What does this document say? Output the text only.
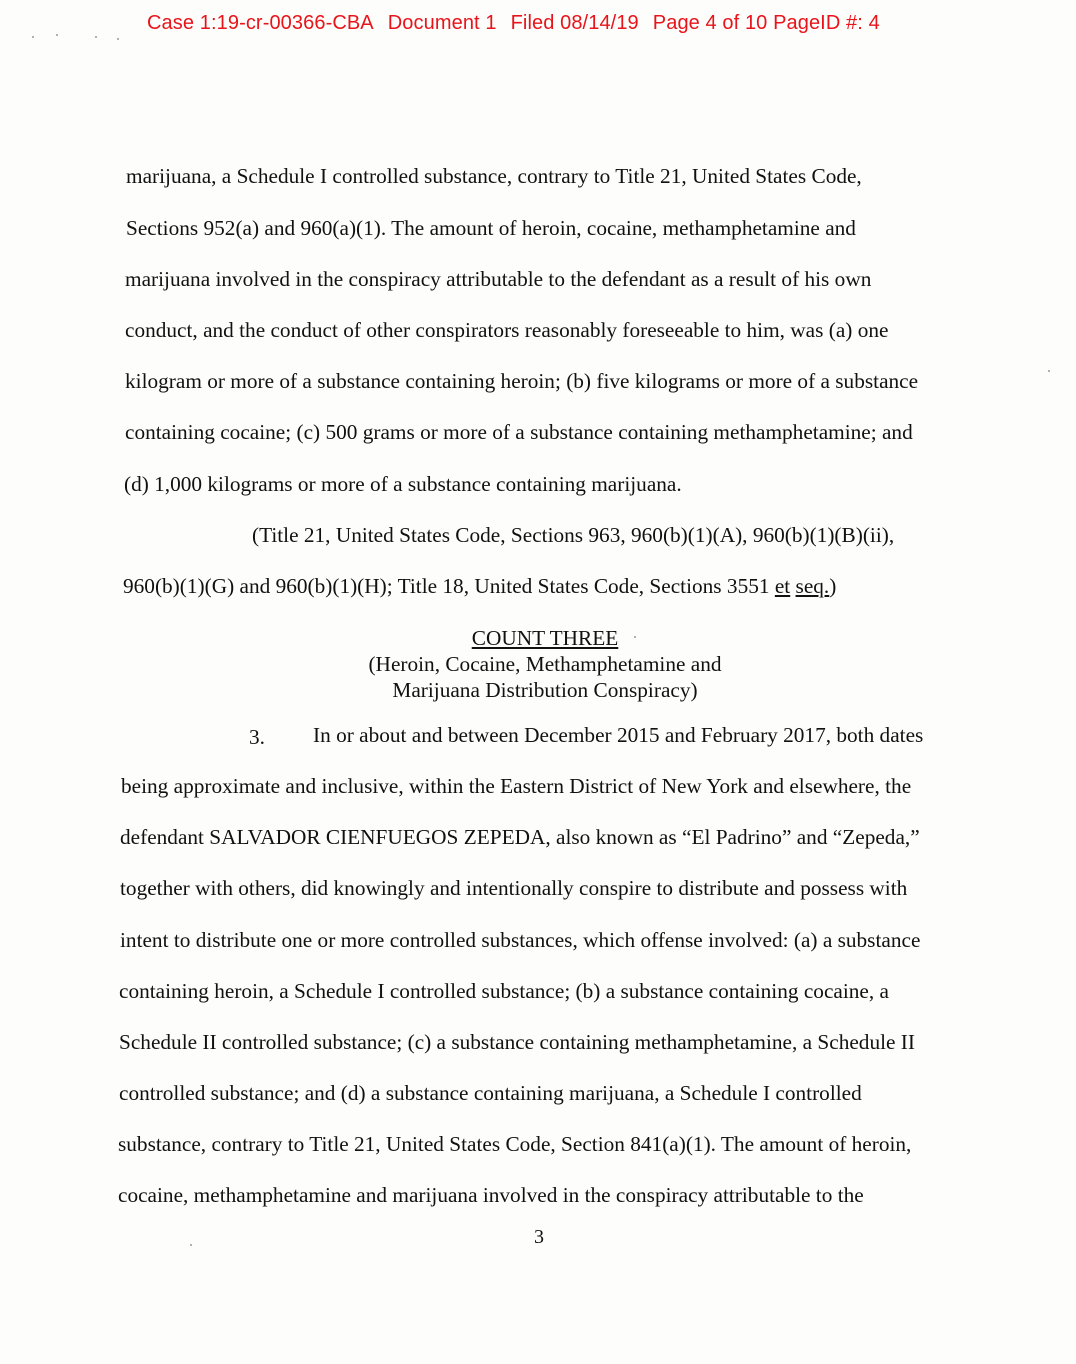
Case 1:19-cr-00366-CBA Document 1 Filed 08/14/19 Page 4 of 10 PageID #: 4
marijuana, a Schedule I controlled substance, contrary to Title 21, United States Code,
Sections 952(a) and 960(a)(1). The amount of heroin, cocaine, methamphetamine and
marijuana involved in the conspiracy attributable to the defendant as a result of his own
conduct, and the conduct of other conspirators reasonably foreseeable to him, was (a) one
kilogram or more of a substance containing heroin; (b) five kilograms or more of a substance
containing cocaine; (c) 500 grams or more of a substance containing methamphetamine; and
(d) 1,000 kilograms or more of a substance containing marijuana.
(Title 21, United States Code, Sections 963, 960(b)(1)(A), 960(b)(1)(B)(ii),
960(b)(1)(G) and 960(b)(1)(H); Title 18, United States Code, Sections 3551 et seq.)
COUNT THREE
(Heroin, Cocaine, Methamphetamine and
Marijuana Distribution Conspiracy)
3. In or about and between December 2015 and February 2017, both dates
being approximate and inclusive, within the Eastern District of New York and elsewhere, the
defendant SALVADOR CIENFUEGOS ZEPEDA, also known as “El Padrino” and “Zepeda,”
together with others, did knowingly and intentionally conspire to distribute and possess with
intent to distribute one or more controlled substances, which offense involved: (a) a substance
containing heroin, a Schedule I controlled substance; (b) a substance containing cocaine, a
Schedule II controlled substance; (c) a substance containing methamphetamine, a Schedule II
controlled substance; and (d) a substance containing marijuana, a Schedule I controlled
substance, contrary to Title 21, United States Code, Section 841(a)(1). The amount of heroin,
cocaine, methamphetamine and marijuana involved in the conspiracy attributable to the
3
